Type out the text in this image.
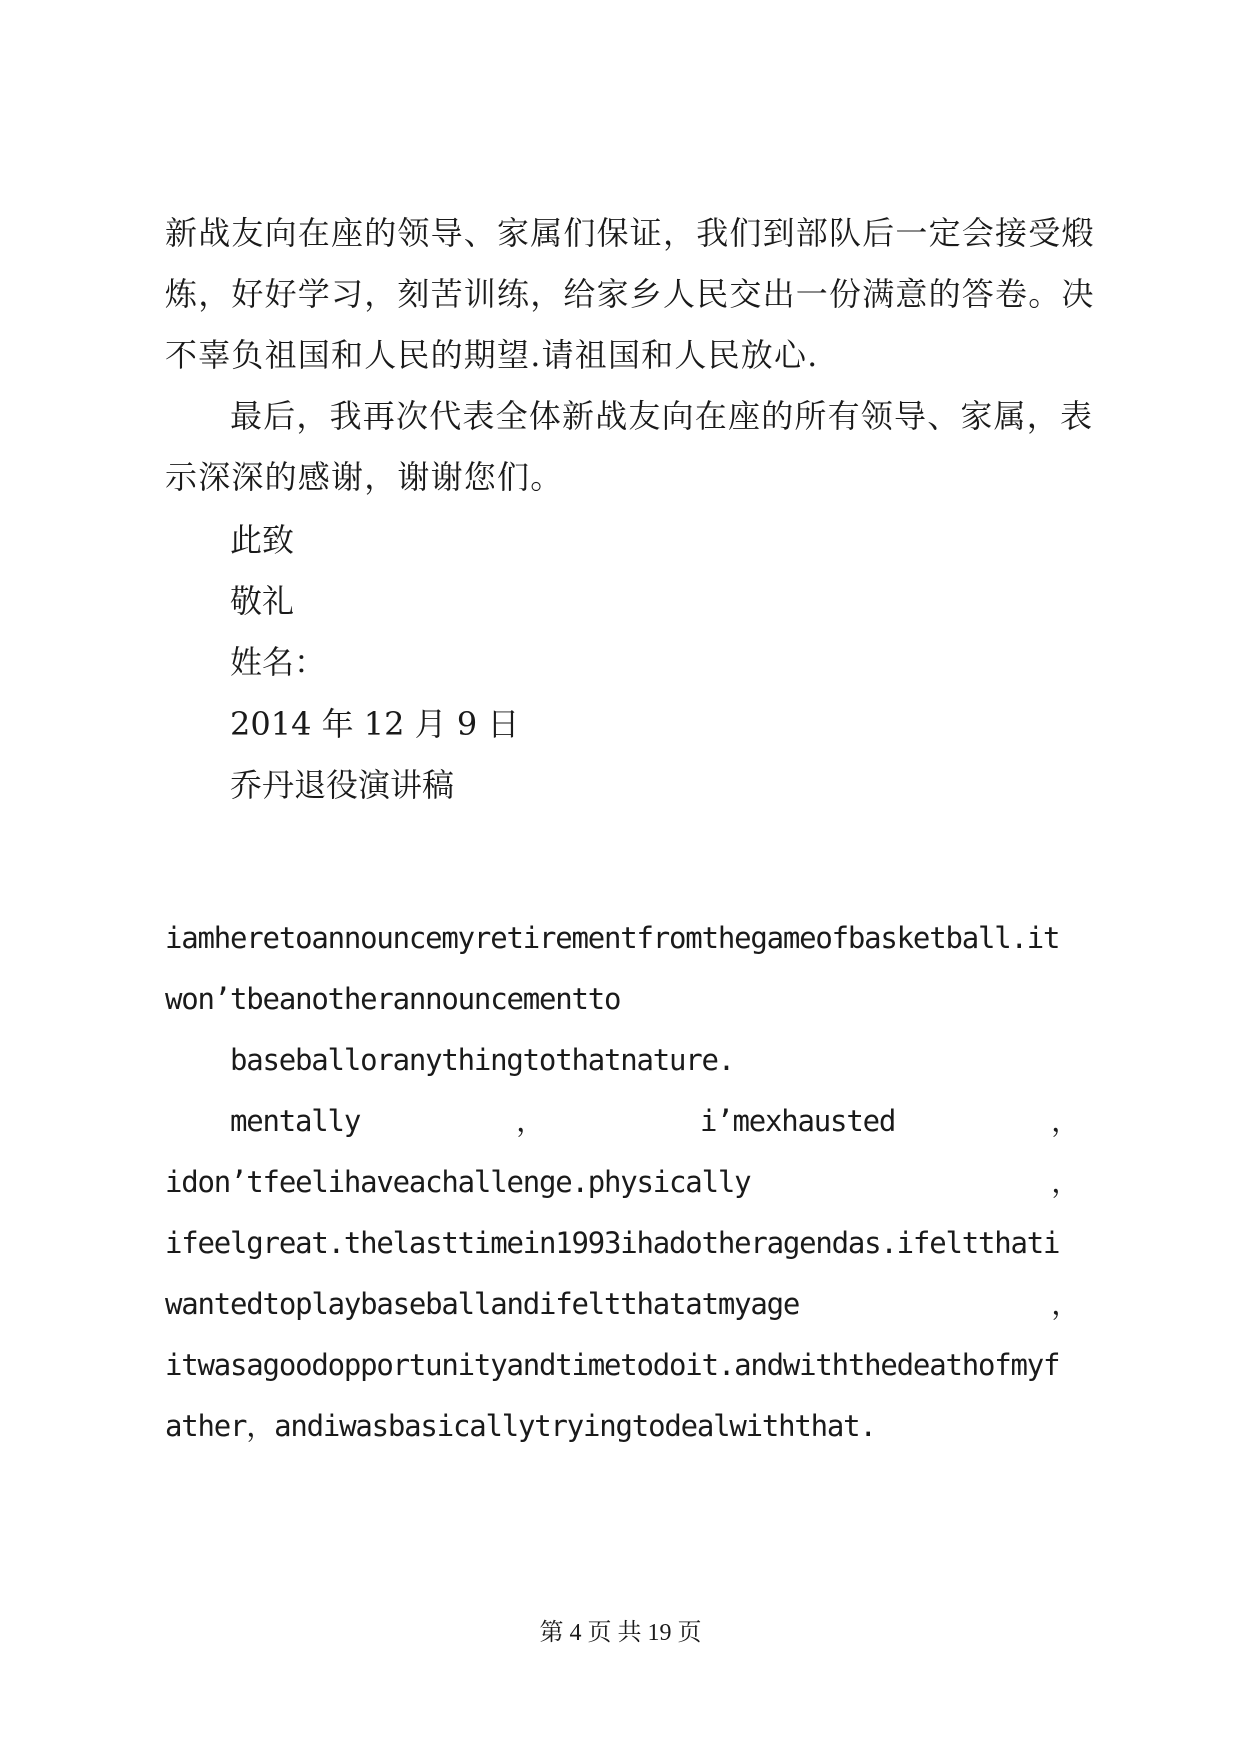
新战友向在座的领导、家属们保证，我们到部队后一定会接受煅
炼，好好学习，刻苦训练，给家乡人民交出一份满意的答卷。决
不辜负祖国和人民的期望.请祖国和人民放心.
最后，我再次代表全体新战友向在座的所有领导、家属，表
示深深的感谢，谢谢您们。
此致
敬礼
姓名：
2014 年 12 月 9 日
乔丹退役演讲稿
iamheretoannouncemyretirementfromthegameofbasketball.it
won’tbeanotherannouncementto
baseballoranythingtothatnature.
mentally	，	i’mexhausted	，
idon’tfeelihaveachallenge.physically	，
ifeelgreat.thelasttimein1993ihadotheragendas.ifeltthati
wantedtoplaybaseballandifeltthatatmyage	，
itwasagoodopportunityandtimetodoit.andwiththedeathofmyf
ather，andiwasbasicallytryingtodealwiththat.
第 4 页 共 19 页
